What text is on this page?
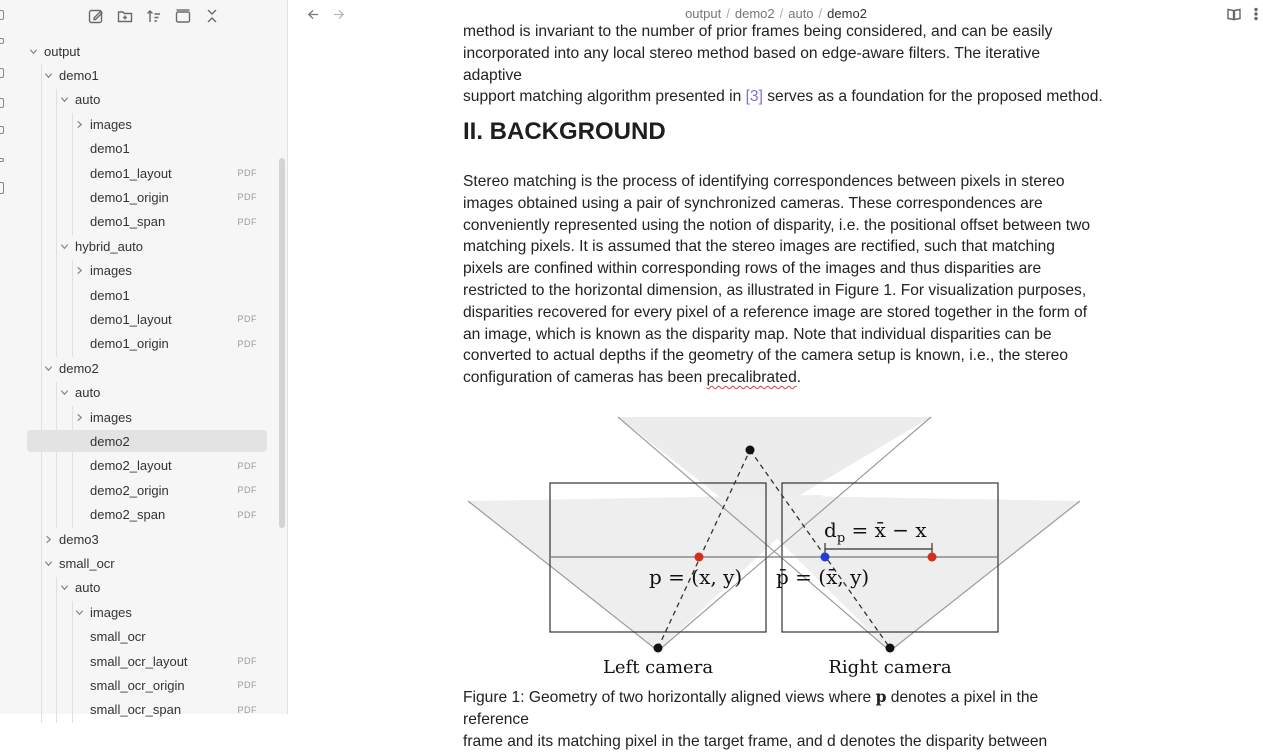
output
demo1
auto
images
demo1
demo1_layout	PDF
demo1_origin	PDF
demo1_span	PDF
hybrid_auto
images
demo1
demo1_layout	PDF
demo1_origin	PDF
demo2
auto
images
demo2
demo2_layout	PDF
demo2_origin	PDF
demo2_span	PDF
demo3
small_ocr
auto
images
small_ocr
small_ocr_layout	PDF
small_ocr_origin	PDF
small_ocr_span	PDF
output / demo2 / auto / demo2
method is invariant to the number of prior frames being considered, and can be easily
incorporated into any local stereo method based on edge-aware filters. The iterative adaptive
support matching algorithm presented in [3] serves as a foundation for the proposed method.
II. BACKGROUND
Stereo matching is the process of identifying correspondences between pixels in stereo images obtained using a pair of synchronized cameras. These correspondences are conveniently represented using the notion of disparity, i.e. the positional offset between two matching pixels. It is assumed that the stereo images are rectified, such that matching pixels are confined within corresponding rows of the images and thus disparities are restricted to the horizontal dimension, as illustrated in Figure 1. For visualization purposes, disparities recovered for every pixel of a reference image are stored together in the form of an image, which is known as the disparity map. Note that individual disparities can be converted to actual depths if the geometry of the camera setup is known, i.e., the stereo configuration of cameras has been precalibrated.
p = (x, y) p̄ = (x̄, y)
$d_p$ = x̄ − x
Left camera	Right camera
Figure 1: Geometry of two horizontally aligned views where p denotes a pixel in the reference
frame and its matching pixel in the target frame, and d denotes the disparity between
